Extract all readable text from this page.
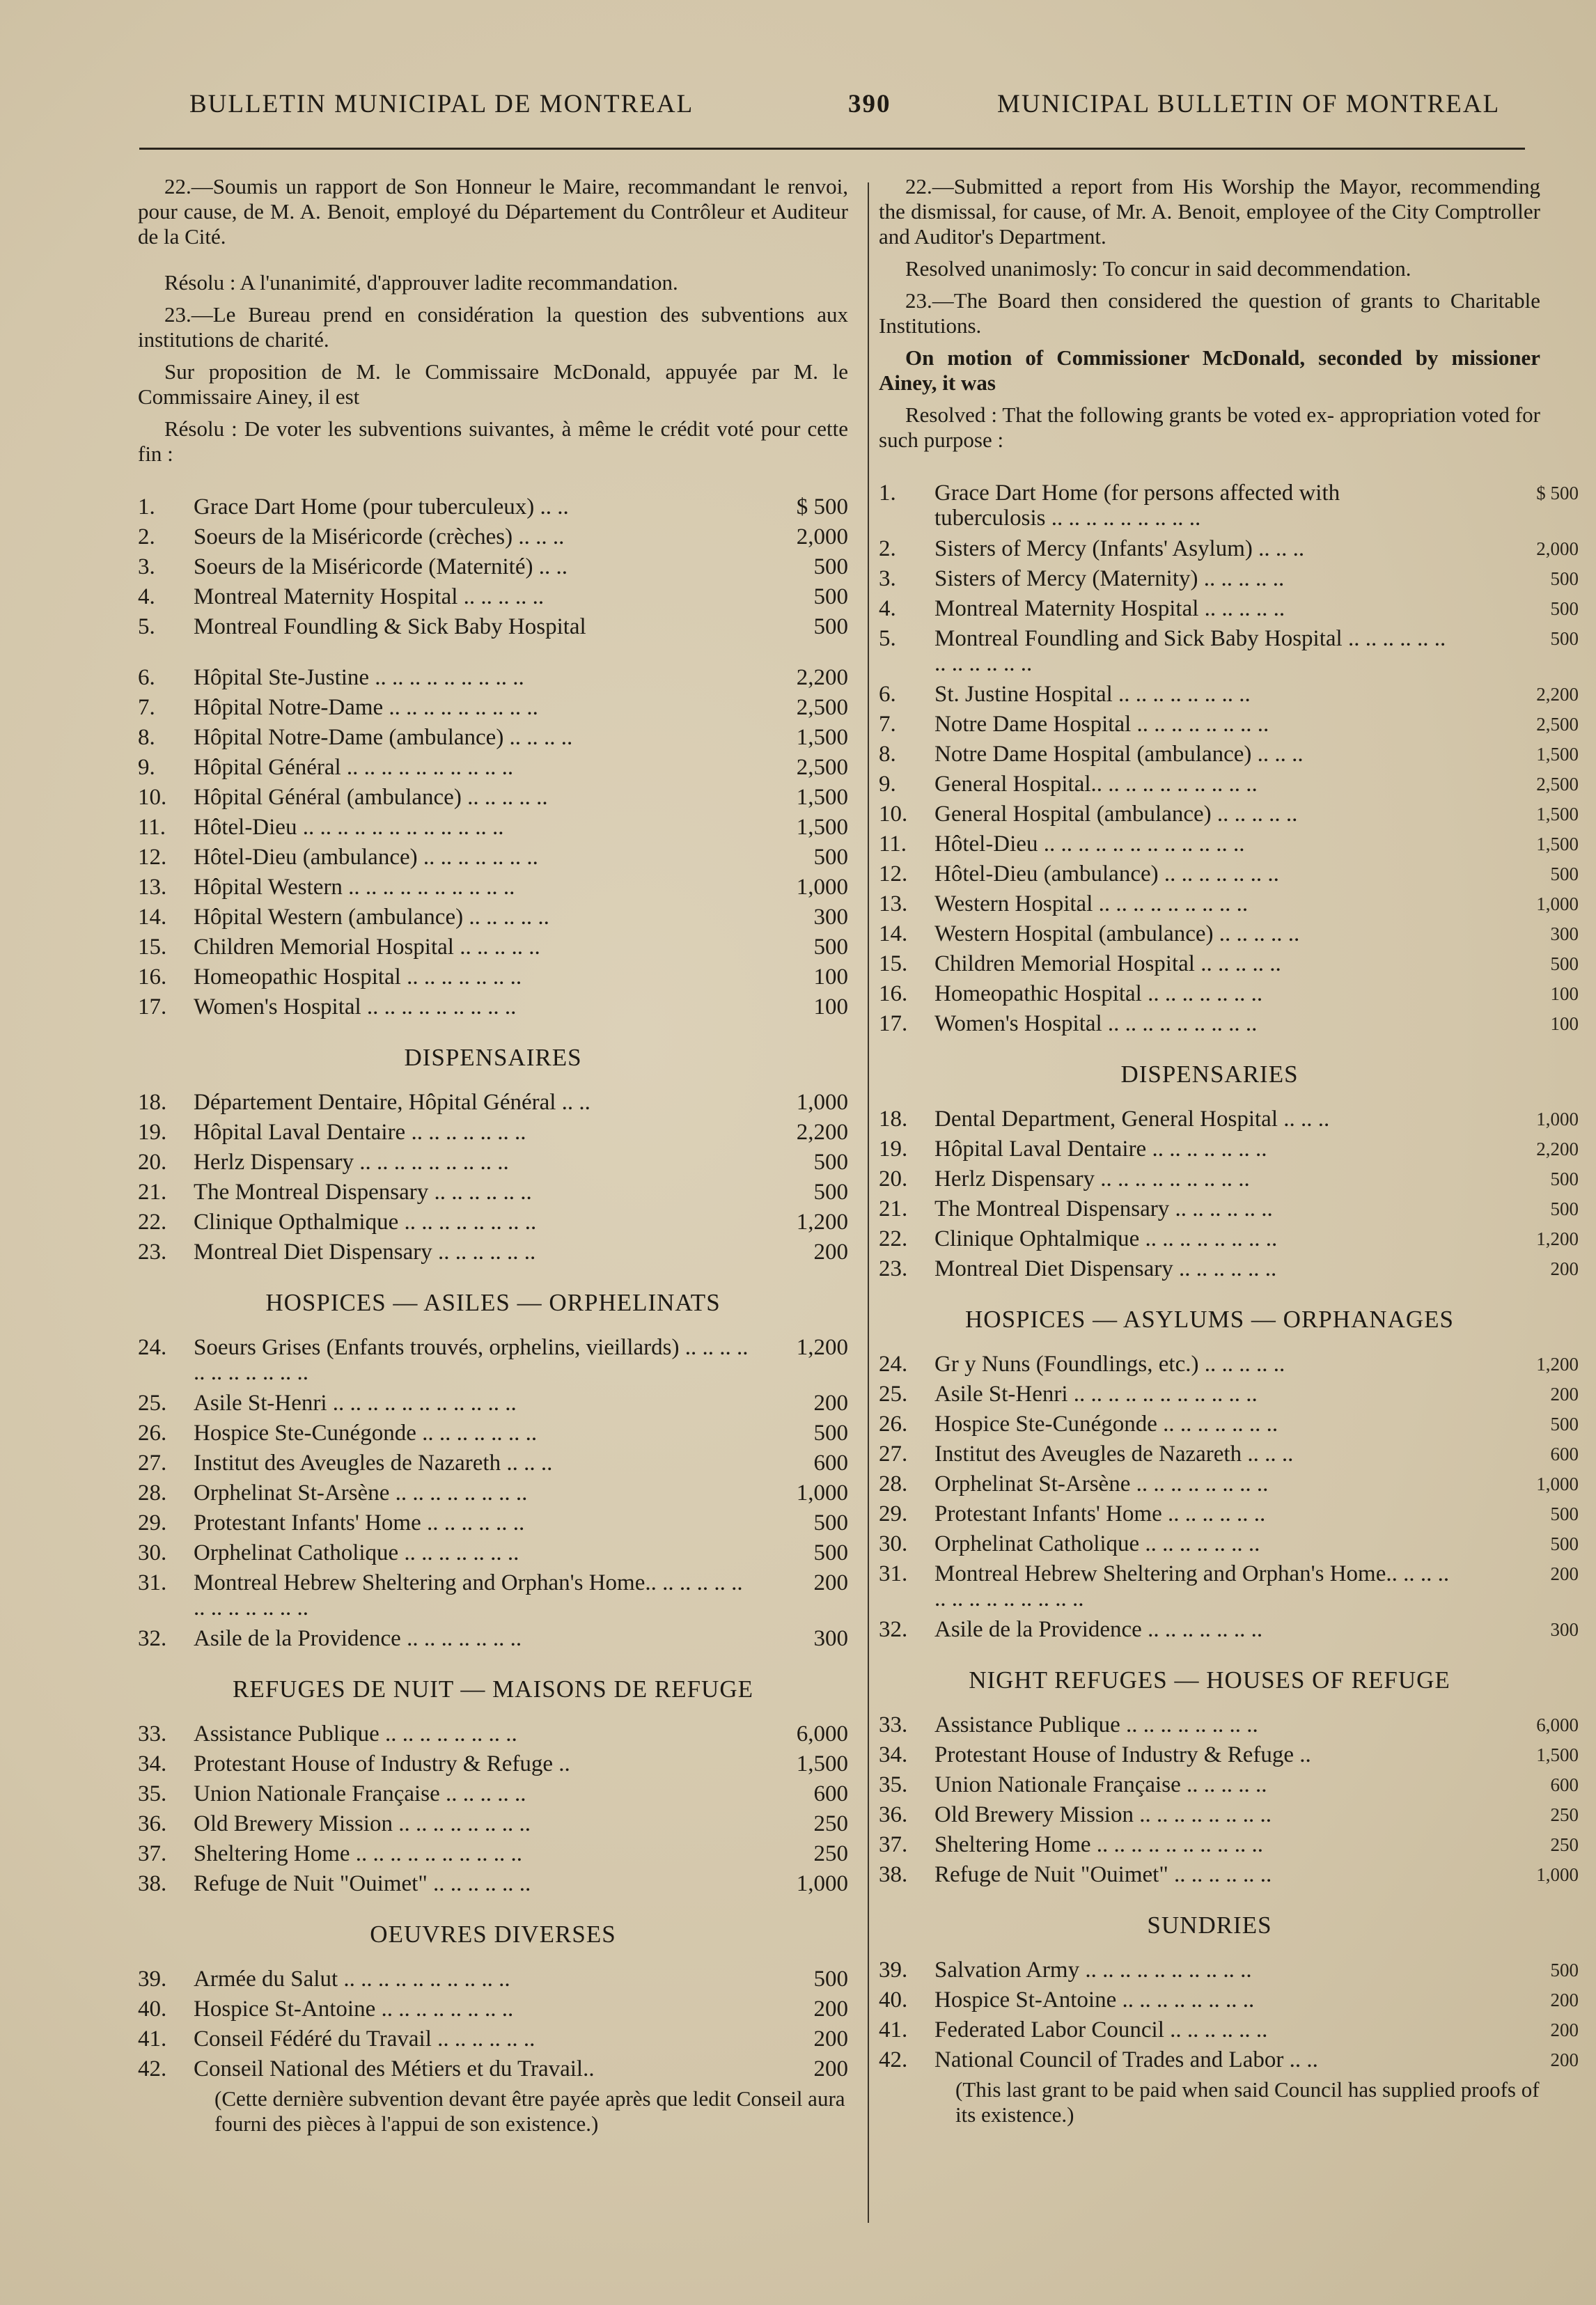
BULLETIN MUNICIPAL DE MONTREAL	390	MUNICIPAL BULLETIN OF MONTREAL

22.—Soumis un rapport de Son Honneur le Maire, recommandant le renvoi, pour cause, de M. A. Benoit, employé du Département du Contrôleur et Auditeur de la Cité.

Résolu : A l'unanimité, d'approuver ladite recommandation.

23.—Le Bureau prend en considération la question des subventions aux institutions de charité.

Sur proposition de M. le Commissaire McDonald, appuyée par M. le Commissaire Ainey, il est

Résolu : De voter les subventions suivantes, à même le crédit voté pour cette fin :

1.	Grace Dart Home (pour tuberculeux) .. ..	$ 500
2.	Soeurs de la Miséricorde (crèches) .. .. ..	2,000
3.	Soeurs de la Miséricorde (Maternité) .. ..	500
4.	Montreal Maternity Hospital .. .. .. .. ..	500
5.	Montreal Foundling & Sick Baby Hospital	500
6.	Hôpital Ste-Justine .. .. .. .. .. .. .. .. ..	2,200
7.	Hôpital Notre-Dame .. .. .. .. .. .. .. .. ..	2,500
8.	Hôpital Notre-Dame (ambulance) .. .. .. ..	1,500
9.	Hôpital Général .. .. .. .. .. .. .. .. .. ..	2,500
10.	Hôpital Général (ambulance) .. .. .. .. ..	1,500
11.	Hôtel-Dieu .. .. .. .. .. .. .. .. .. .. .. ..	1,500
12.	Hôtel-Dieu (ambulance) .. .. .. .. .. .. ..	500
13.	Hôpital Western .. .. .. .. .. .. .. .. .. ..	1,000
14.	Hôpital Western (ambulance) .. .. .. .. ..	300
15.	Children Memorial Hospital .. .. .. .. ..	500
16.	Homeopathic Hospital .. .. .. .. .. .. ..	100
17.	Women's Hospital .. .. .. .. .. .. .. .. ..	100
DISPENSAIRES
18.	Département Dentaire, Hôpital Général .. ..	1,000
19.	Hôpital Laval Dentaire .. .. .. .. .. .. ..	2,200
20.	Herlz Dispensary .. .. .. .. .. .. .. .. ..	500
21.	The Montreal Dispensary .. .. .. .. .. ..	500
22.	Clinique Opthalmique .. .. .. .. .. .. .. ..	1,200
23.	Montreal Diet Dispensary .. .. .. .. .. ..	200
HOSPICES — ASILES — ORPHELINATS
24.	Soeurs Grises (Enfants trouvés, orphelins, vieillards) .. .. .. .. .. .. .. .. .. .. ..
1,200
25.	Asile St-Henri .. .. .. .. .. .. .. .. .. .. ..	200
26.	Hospice Ste-Cunégonde .. .. .. .. .. .. ..	500
27.	Institut des Aveugles de Nazareth .. .. ..	600
28.	Orphelinat St-Arsène .. .. .. .. .. .. .. ..	1,000
29.	Protestant Infants' Home .. .. .. .. .. ..	500
30.	Orphelinat Catholique .. .. .. .. .. .. ..	500
31.	Montreal Hebrew Sheltering and Orphan's Home.. .. .. .. .. .. .. .. .. .. .. .. ..
200
32.	Asile de la Providence .. .. .. .. .. .. ..	300
REFUGES DE NUIT — MAISONS DE REFUGE
33.	Assistance Publique .. .. .. .. .. .. .. ..	6,000
34.	Protestant House of Industry & Refuge ..	1,500
35.	Union Nationale Française .. .. .. .. ..	600
36.	Old Brewery Mission .. .. .. .. .. .. .. ..	250
37.	Sheltering Home .. .. .. .. .. .. .. .. .. ..	250
38.	Refuge de Nuit "Ouimet" .. .. .. .. .. ..	1,000
OEUVRES DIVERSES
39.	Armée du Salut .. .. .. .. .. .. .. .. .. ..	500
40.	Hospice St-Antoine .. .. .. .. .. .. .. ..	200
41.	Conseil Fédéré du Travail .. .. .. .. .. ..	200
42.	Conseil National des Métiers et du Travail..	200

(Cette dernière subvention devant être payée après que ledit Conseil aura fourni des pièces à l'appui de son existence.)

22.—Submitted a report from His Worship the Mayor, recommending the dismissal, for cause, of Mr. A. Benoit, employee of the City Comptroller and Auditor's Department.

Resolved unanimosly: To concur in said decommendation.

23.—The Board then considered the question of grants to Charitable Institutions.

On motion of Commissioner McDonald, seconded by missioner Ainey, it was

Resolved : That the following grants be voted ex- appropriation voted for such purpose :

1.	Grace Dart Home (for persons affected with tuberculosis .. .. .. .. .. .. .. .. ..
$ 500
2.	Sisters of Mercy (Infants' Asylum) .. .. ..	2,000
3.	Sisters of Mercy (Maternity) .. .. .. .. ..	500
4.	Montreal Maternity Hospital .. .. .. .. ..	500
5.	Montreal Foundling and Sick Baby Hospital .. .. .. .. .. .. .. .. .. .. .. ..
500
6.	St. Justine Hospital .. .. .. .. .. .. .. ..	2,200
7.	Notre Dame Hospital .. .. .. .. .. .. .. ..	2,500
8.	Notre Dame Hospital (ambulance) .. .. ..	1,500
9.	General Hospital.. .. .. .. .. .. .. .. .. ..	2,500
10.	General Hospital (ambulance) .. .. .. .. ..	1,500
11.	Hôtel-Dieu .. .. .. .. .. .. .. .. .. .. .. ..	1,500
12.	Hôtel-Dieu (ambulance) .. .. .. .. .. .. ..	500
13.	Western Hospital .. .. .. .. .. .. .. .. ..	1,000
14.	Western Hospital (ambulance) .. .. .. .. ..	300
15.	Children Memorial Hospital .. .. .. .. ..	500
16.	Homeopathic Hospital .. .. .. .. .. .. ..	100
17.	Women's Hospital .. .. .. .. .. .. .. .. ..	100
DISPENSARIES
18.	Dental Department, General Hospital .. .. ..	1,000
19.	Hôpital Laval Dentaire .. .. .. .. .. .. ..	2,200
20.	Herlz Dispensary .. .. .. .. .. .. .. .. ..	500
21.	The Montreal Dispensary .. .. .. .. .. ..	500
22.	Clinique Ophtalmique .. .. .. .. .. .. .. ..	1,200
23.	Montreal Diet Dispensary .. .. .. .. .. ..	200
HOSPICES — ASYLUMS — ORPHANAGES
24.	Gr y Nuns (Foundlings, etc.) .. .. .. .. ..	1,200
25.	Asile St-Henri .. .. .. .. .. .. .. .. .. .. ..	200
26.	Hospice Ste-Cunégonde .. .. .. .. .. .. ..	500
27.	Institut des Aveugles de Nazareth .. .. ..	600
28.	Orphelinat St-Arsène .. .. .. .. .. .. .. ..	1,000
29.	Protestant Infants' Home .. .. .. .. .. ..	500
30.	Orphelinat Catholique .. .. .. .. .. .. ..	500
31.	Montreal Hebrew Sheltering and Orphan's Home.. .. .. .. .. .. .. .. .. .. .. .. ..
200
32.	Asile de la Providence .. .. .. .. .. .. ..	300
NIGHT REFUGES — HOUSES OF REFUGE
33.	Assistance Publique .. .. .. .. .. .. .. ..	6,000
34.	Protestant House of Industry & Refuge ..	1,500
35.	Union Nationale Française .. .. .. .. ..	600
36.	Old Brewery Mission .. .. .. .. .. .. .. ..	250
37.	Sheltering Home .. .. .. .. .. .. .. .. .. ..	250
38.	Refuge de Nuit "Ouimet" .. .. .. .. .. ..	1,000
SUNDRIES
39.	Salvation Army .. .. .. .. .. .. .. .. .. ..	500
40.	Hospice St-Antoine .. .. .. .. .. .. .. ..	200
41.	Federated Labor Council .. .. .. .. .. ..	200
42.	National Council of Trades and Labor .. ..	200

(This last grant to be paid when said Council has supplied proofs of its existence.)
